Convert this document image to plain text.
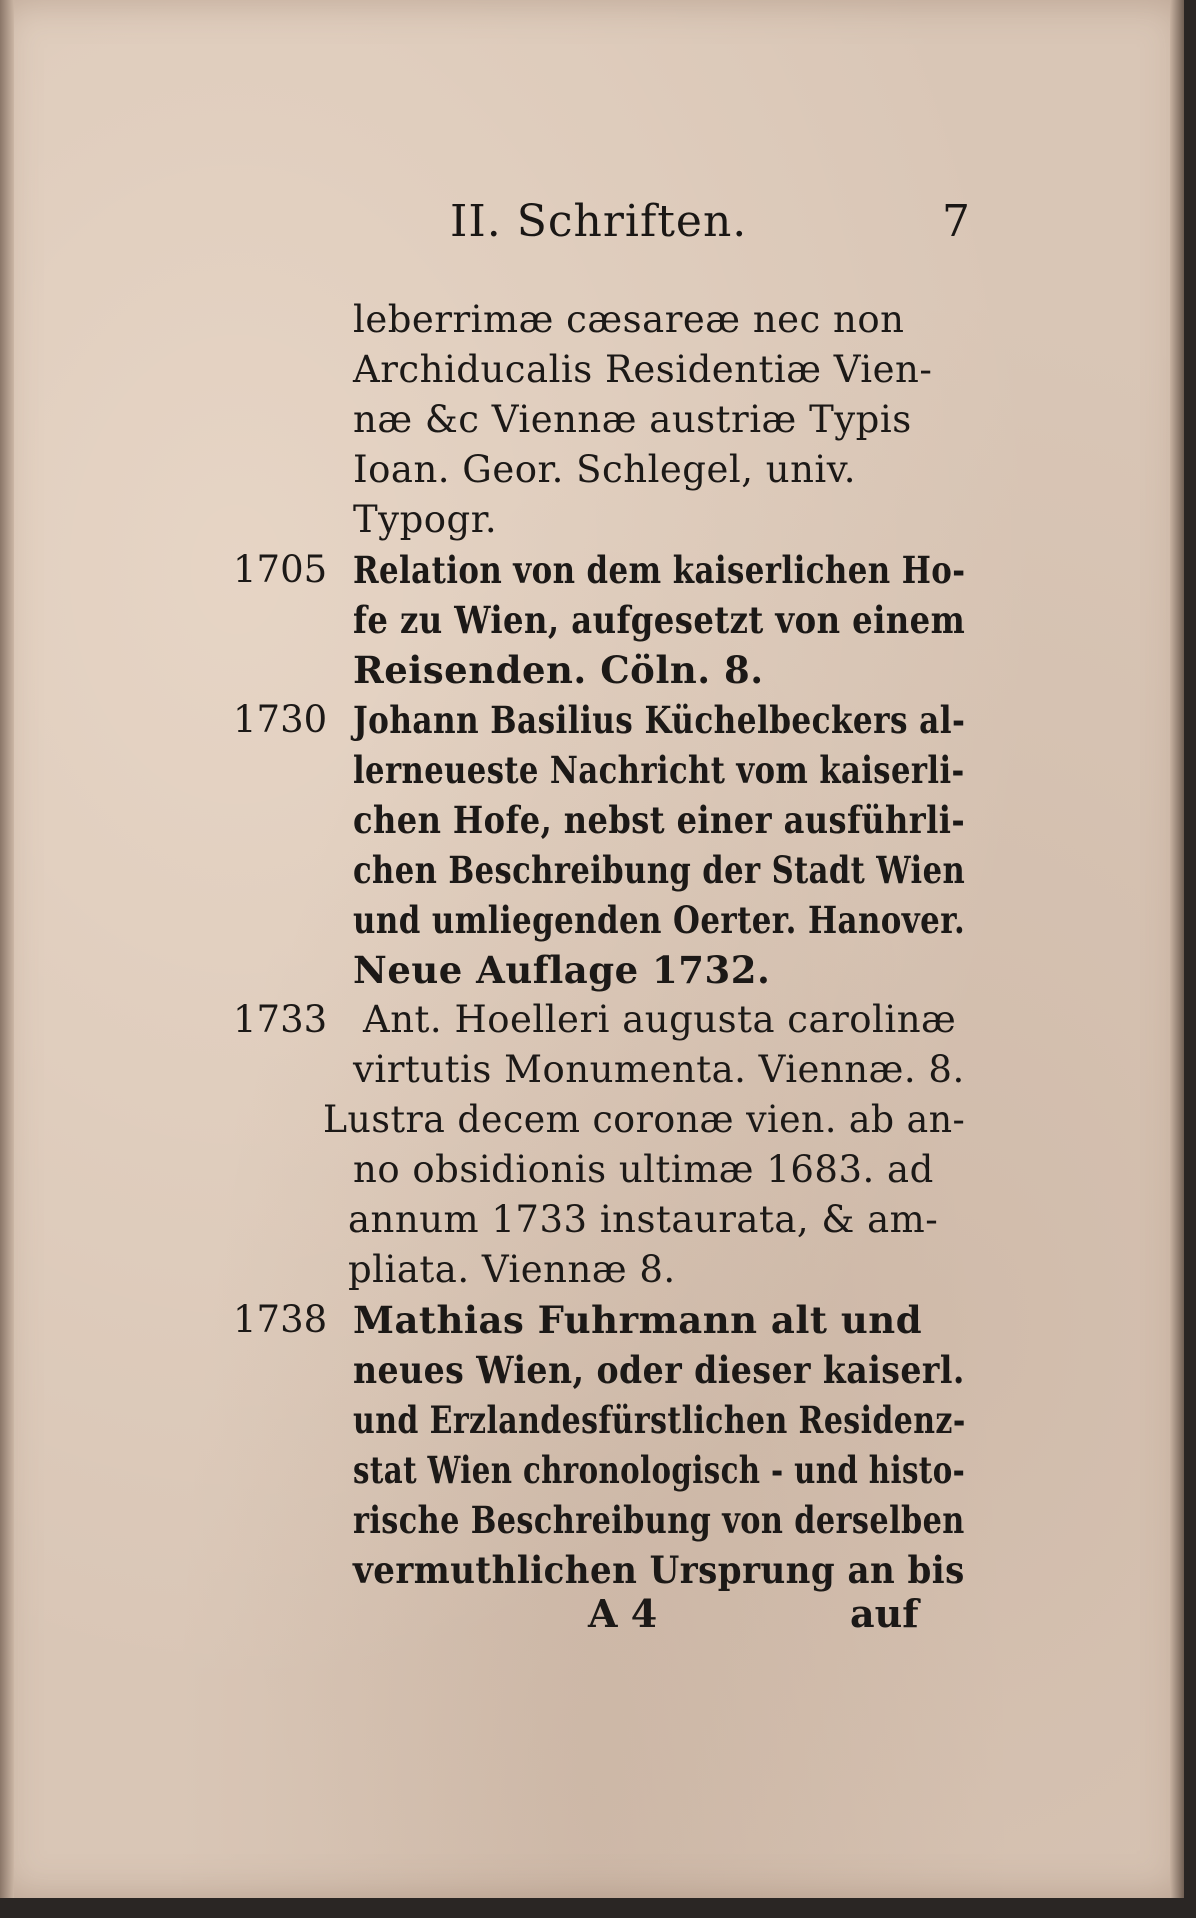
II. Schriften.	7
leberrimæ cæsareæ nec non
Archiducalis Residentiæ Vien-
næ &c Viennæ austriæ Typis
Ioan. Geor. Schlegel, univ.
Typogr.
1705 Relation von dem kaiserlichen Ho-
fe zu Wien, aufgesetzt von einem
Reisenden. Cöln. 8.
1730 Johann Basilius Küchelbeckers al-
lerneueste Nachricht vom kaiserli-
chen Hofe, nebst einer ausführli-
chen Beschreibung der Stadt Wien
und umliegenden Oerter. Hanover.
Neue Auflage 1732.
1733 Ant. Hoelleri augusta carolinæ
virtutis Monumenta. Viennæ. 8.
Lustra decem coronæ vien. ab an-
no obsidionis ultimæ 1683. ad
annum 1733 instaurata, & am-
pliata. Viennæ 8.
1738 Mathias Fuhrmann alt und
neues Wien, oder dieser kaiserl.
und Erzlandesfürstlichen Residenz-
stat Wien chronologisch - und histo-
rische Beschreibung von derselben
vermuthlichen Ursprung an bis
A 4	auf
